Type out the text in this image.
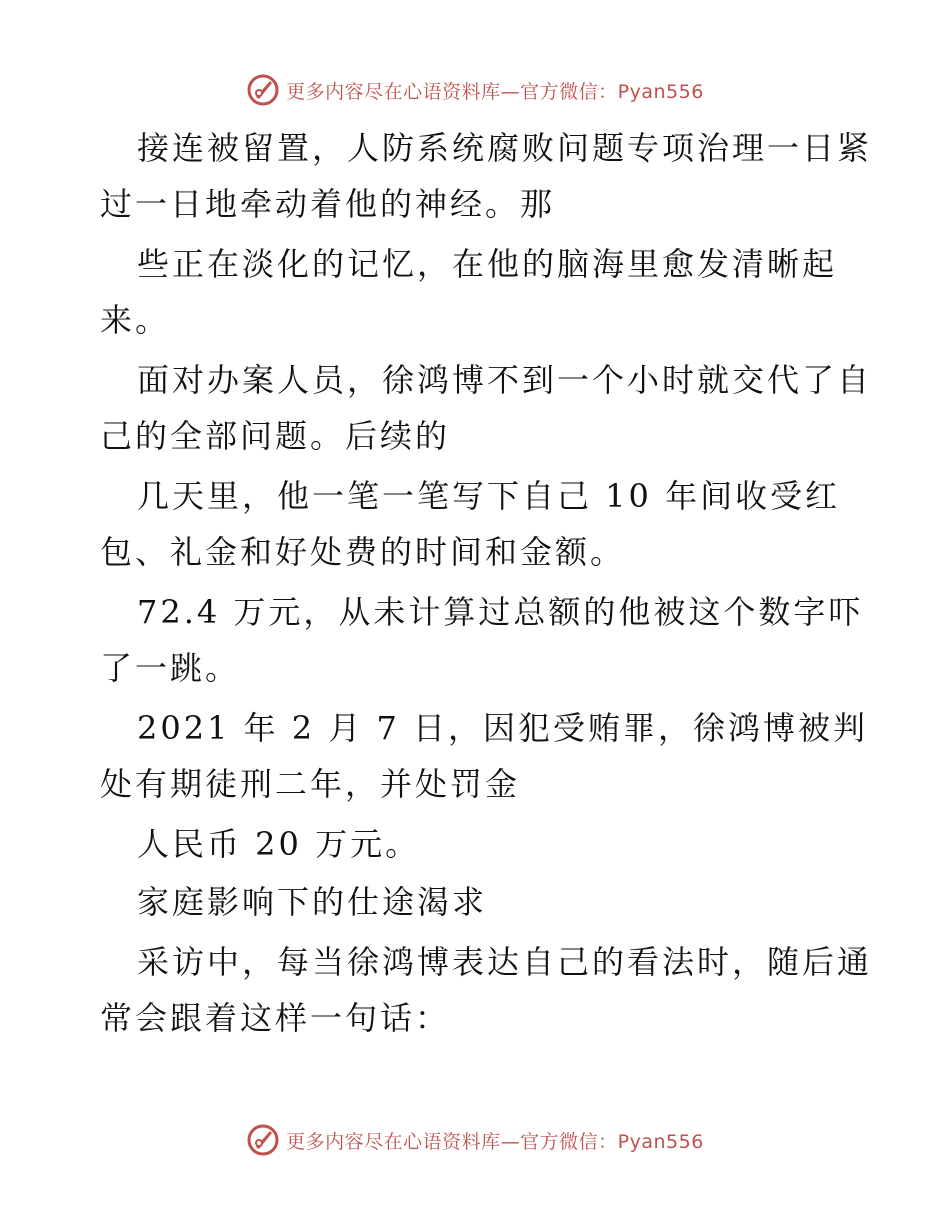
更多内容尽在心语资料库—官方微信：Pyan556
接连被留置，人防系统腐败问题专项治理一日紧
过一日地牵动着他的神经。那
些正在淡化的记忆，在他的脑海里愈发清晰起
来。
面对办案人员，徐鸿博不到一个小时就交代了自
己的全部问题。后续的
几天里，他一笔一笔写下自己 10 年间收受红
包、礼金和好处费的时间和金额。
72.4 万元，从未计算过总额的他被这个数字吓
了一跳。
2021 年 2 月 7 日，因犯受贿罪，徐鸿博被判
处有期徒刑二年，并处罚金
人民币 20 万元。
家庭影响下的仕途渴求
采访中，每当徐鸿博表达自己的看法时，随后通
常会跟着这样一句话：
更多内容尽在心语资料库—官方微信：Pyan556
